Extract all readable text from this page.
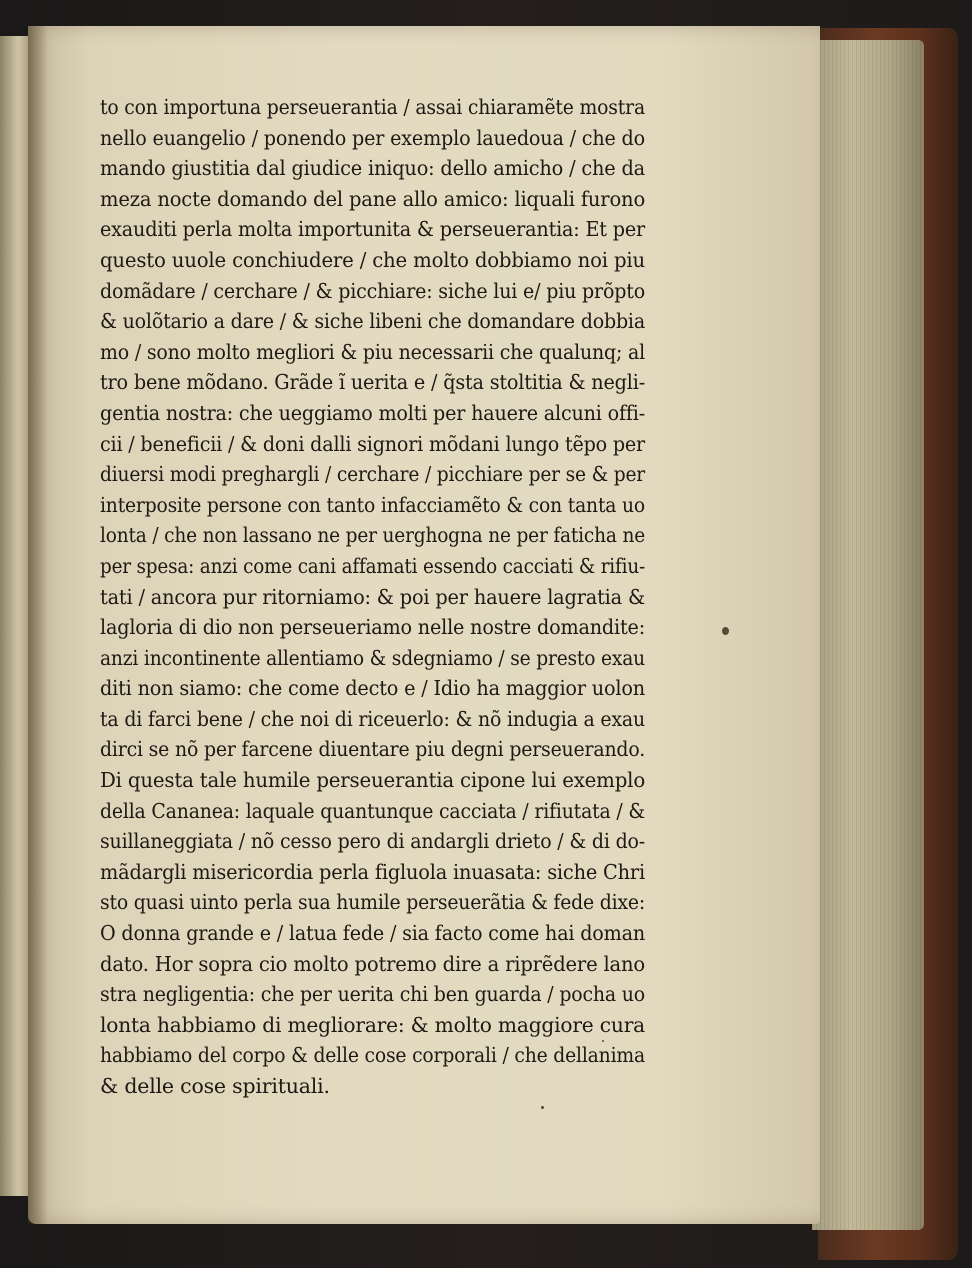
to con importuna perseuerantia / assai chiaramẽte mostra
nello euangelio / ponendo per exemplo lauedoua / che do
mando giustitia dal giudice iniquo: dello amicho / che da
meza nocte domando del pane allo amico: liquali furono
exauditi perla molta importunita & perseuerantia: Et per
questo uuole conchiudere / che molto dobbiamo noi piu
domãdare / cerchare / & picchiare: siche lui e/ piu prõpto
& uolõtario a dare / & siche libeni che domandare dobbia
mo / sono molto megliori & piu necessarii che qualunq; al
tro bene mõdano. Grãde ĩ uerita e / q̃sta stoltitia & negli-
gentia nostra: che ueggiamo molti per hauere alcuni offi-
cii / beneficii / & doni dalli signori mõdani lungo tẽpo per
diuersi modi preghargli / cerchare / picchiare per se & per
interposite persone con tanto infacciamẽto & con tanta uo
lonta / che non lassano ne per uerghogna ne per faticha ne
per spesa: anzi come cani affamati essendo cacciati & rifiu-
tati / ancora pur ritorniamo: & poi per hauere lagratia &
lagloria di dio non perseueriamo nelle nostre domandite:
anzi incontinente allentiamo & sdegniamo / se presto exau
diti non siamo: che come decto e / Idio ha maggior uolon
ta di farci bene / che noi di riceuerlo: & nõ indugia a exau
dirci se nõ per farcene diuentare piu degni perseuerando.
Di questa tale humile perseuerantia cipone lui exemplo
della Cananea: laquale quantunque cacciata / rifiutata / &
suillaneggiata / nõ cesso pero di andargli drieto / & di do-
mãdargli misericordia perla figluola inuasata: siche Chri
sto quasi uinto perla sua humile perseuerãtia & fede dixe:
O donna grande e / latua fede / sia facto come hai doman
dato. Hor sopra cio molto potremo dire a riprẽdere lano
stra negligentia: che per uerita chi ben guarda / pocha uo
lonta habbiamo di megliorare: & molto maggiore cura
habbiamo del corpo & delle cose corporali / che dellanima
& delle cose spirituali.
